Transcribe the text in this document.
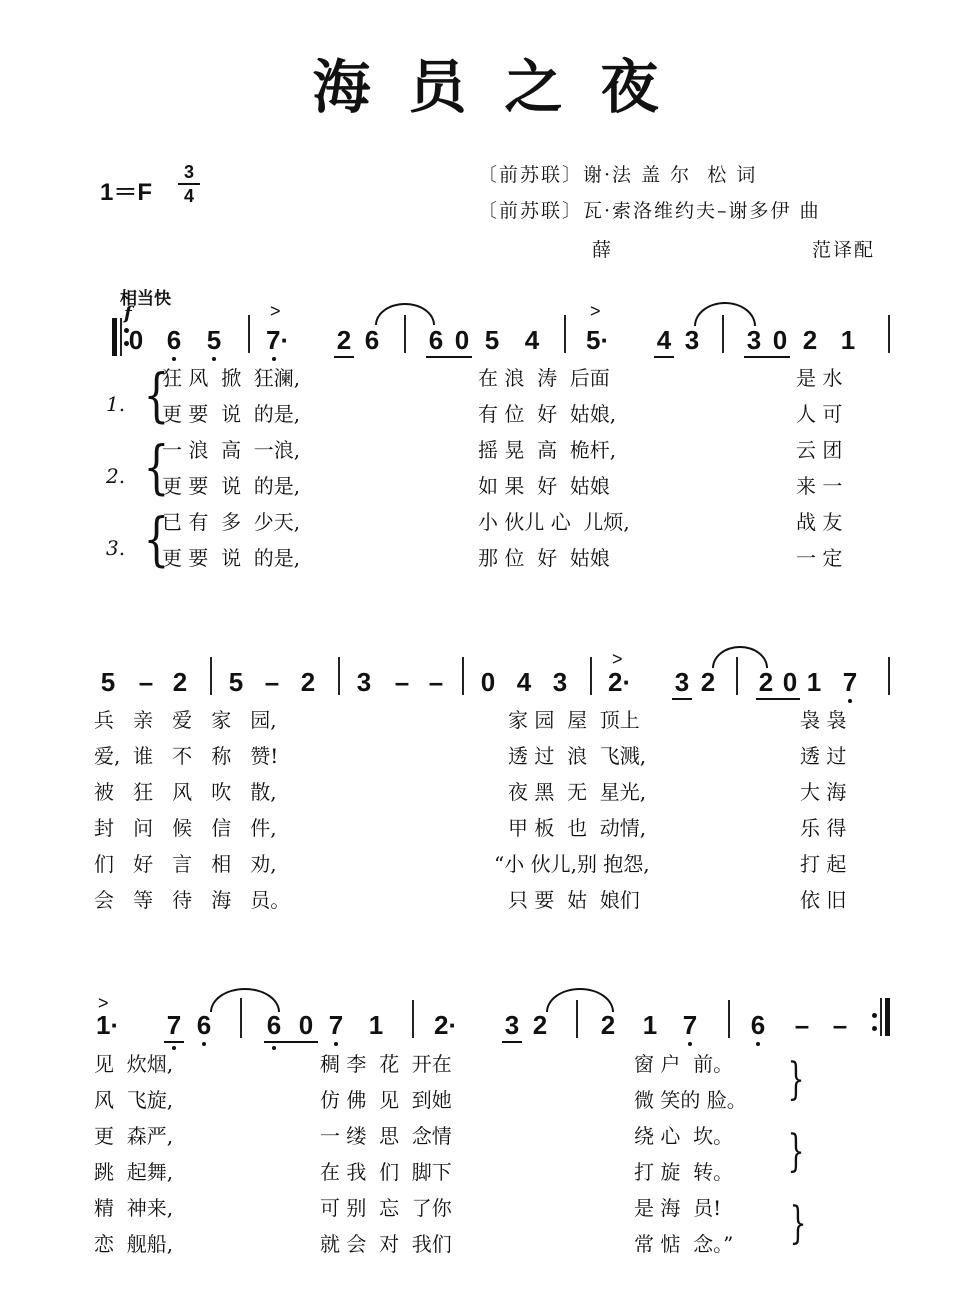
海员之夜
1＝F
3
4
〔前苏联〕谢·法 盖 尔  松 词
〔前苏联〕瓦·索洛维约夫–谢多伊 曲
薛	范译配
相当快
f
0 6 5
>
7· 2 6 6 0 5 4
>
5· 4 3 3 0 2 1
1. {
2. {
3. {
狂 风  掀  狂澜,	在 浪  涛  后面	是 水
更 要  说  的是,	有 位  好  姑娘,	人 可
一 浪  高  一浪,	摇 晃  高  桅杆,	云 团
更 要  说  的是,	如 果  好  姑娘	来 一
已 有  多  少天,	小 伙儿 心  儿烦,	战 友
更 要  说  的是,	那 位  好  姑娘	一 定
5 – 2 5 – 2 3 – – 0 4 3
>
2· 3 2 2 0 1 7
兵   亲   爱   家   园,	家 园  屋  顶上	袅 袅
爱,  谁   不   称   赞!	透 过  浪  飞溅,	透 过
被   狂   风   吹   散,	夜 黑  无  星光,	大 海
封   问   候   信   件,	甲 板  也  动情,	乐 得
们   好   言   相   劝,	“小 伙儿,别 抱怨,	打 起
会   等   待   海   员。	只 要  姑  娘们	依 旧
>
1· 7 6 6 0 7 1 2· 3 2 2 1 7 6 – –
见  炊烟,	稠 李  花  开在	窗 户  前。
风  飞旋,	仿 佛  见  到她	微 笑的 脸。 }
更  森严,	一 缕  思  念情	绕 心  坎。
跳  起舞,	在 我  们  脚下	打 旋  转。 }
精  神来,	可 别  忘  了你	是 海  员!
恋  舰船,	就 会  对  我们	常 惦  念。” }
